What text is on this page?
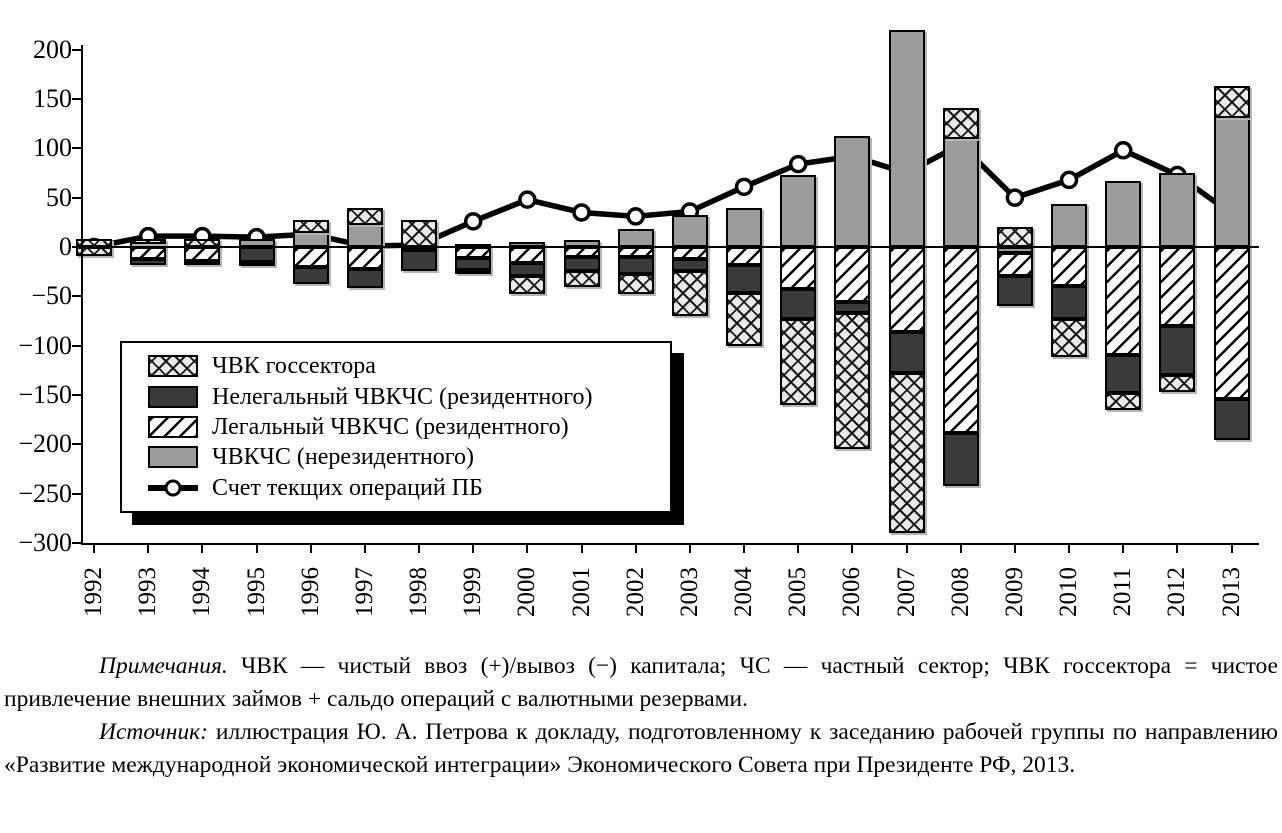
ЧВК госсектора
Нелегальный ЧВКЧС (резидентного)
Легальный ЧВКЧС (резидентного)
ЧВКЧС (нерезидентного)
Счет текщих операций ПБ
200
150
100
50
0
−50
−100
−150
−200
−250
−300
1992 1993 1994 1995 1996 1997 1998 1999 2000 2001 2002 2003 2004 2005 2006 2007 2008 2009 2010 2011 2012 2013

Примечания. ЧВК — чистый ввоз (+)/вывоз (−) капитала; ЧС — частный сектор; ЧВК госсектора = чистое привлечение внешних займов + сальдо операций с валютными резервами.

Источник: иллюстрация Ю. А. Петрова к докладу, подготовленному к заседанию рабочей группы по направлению «Развитие международной экономической интеграции» Экономического Совета при Президенте РФ, 2013.
